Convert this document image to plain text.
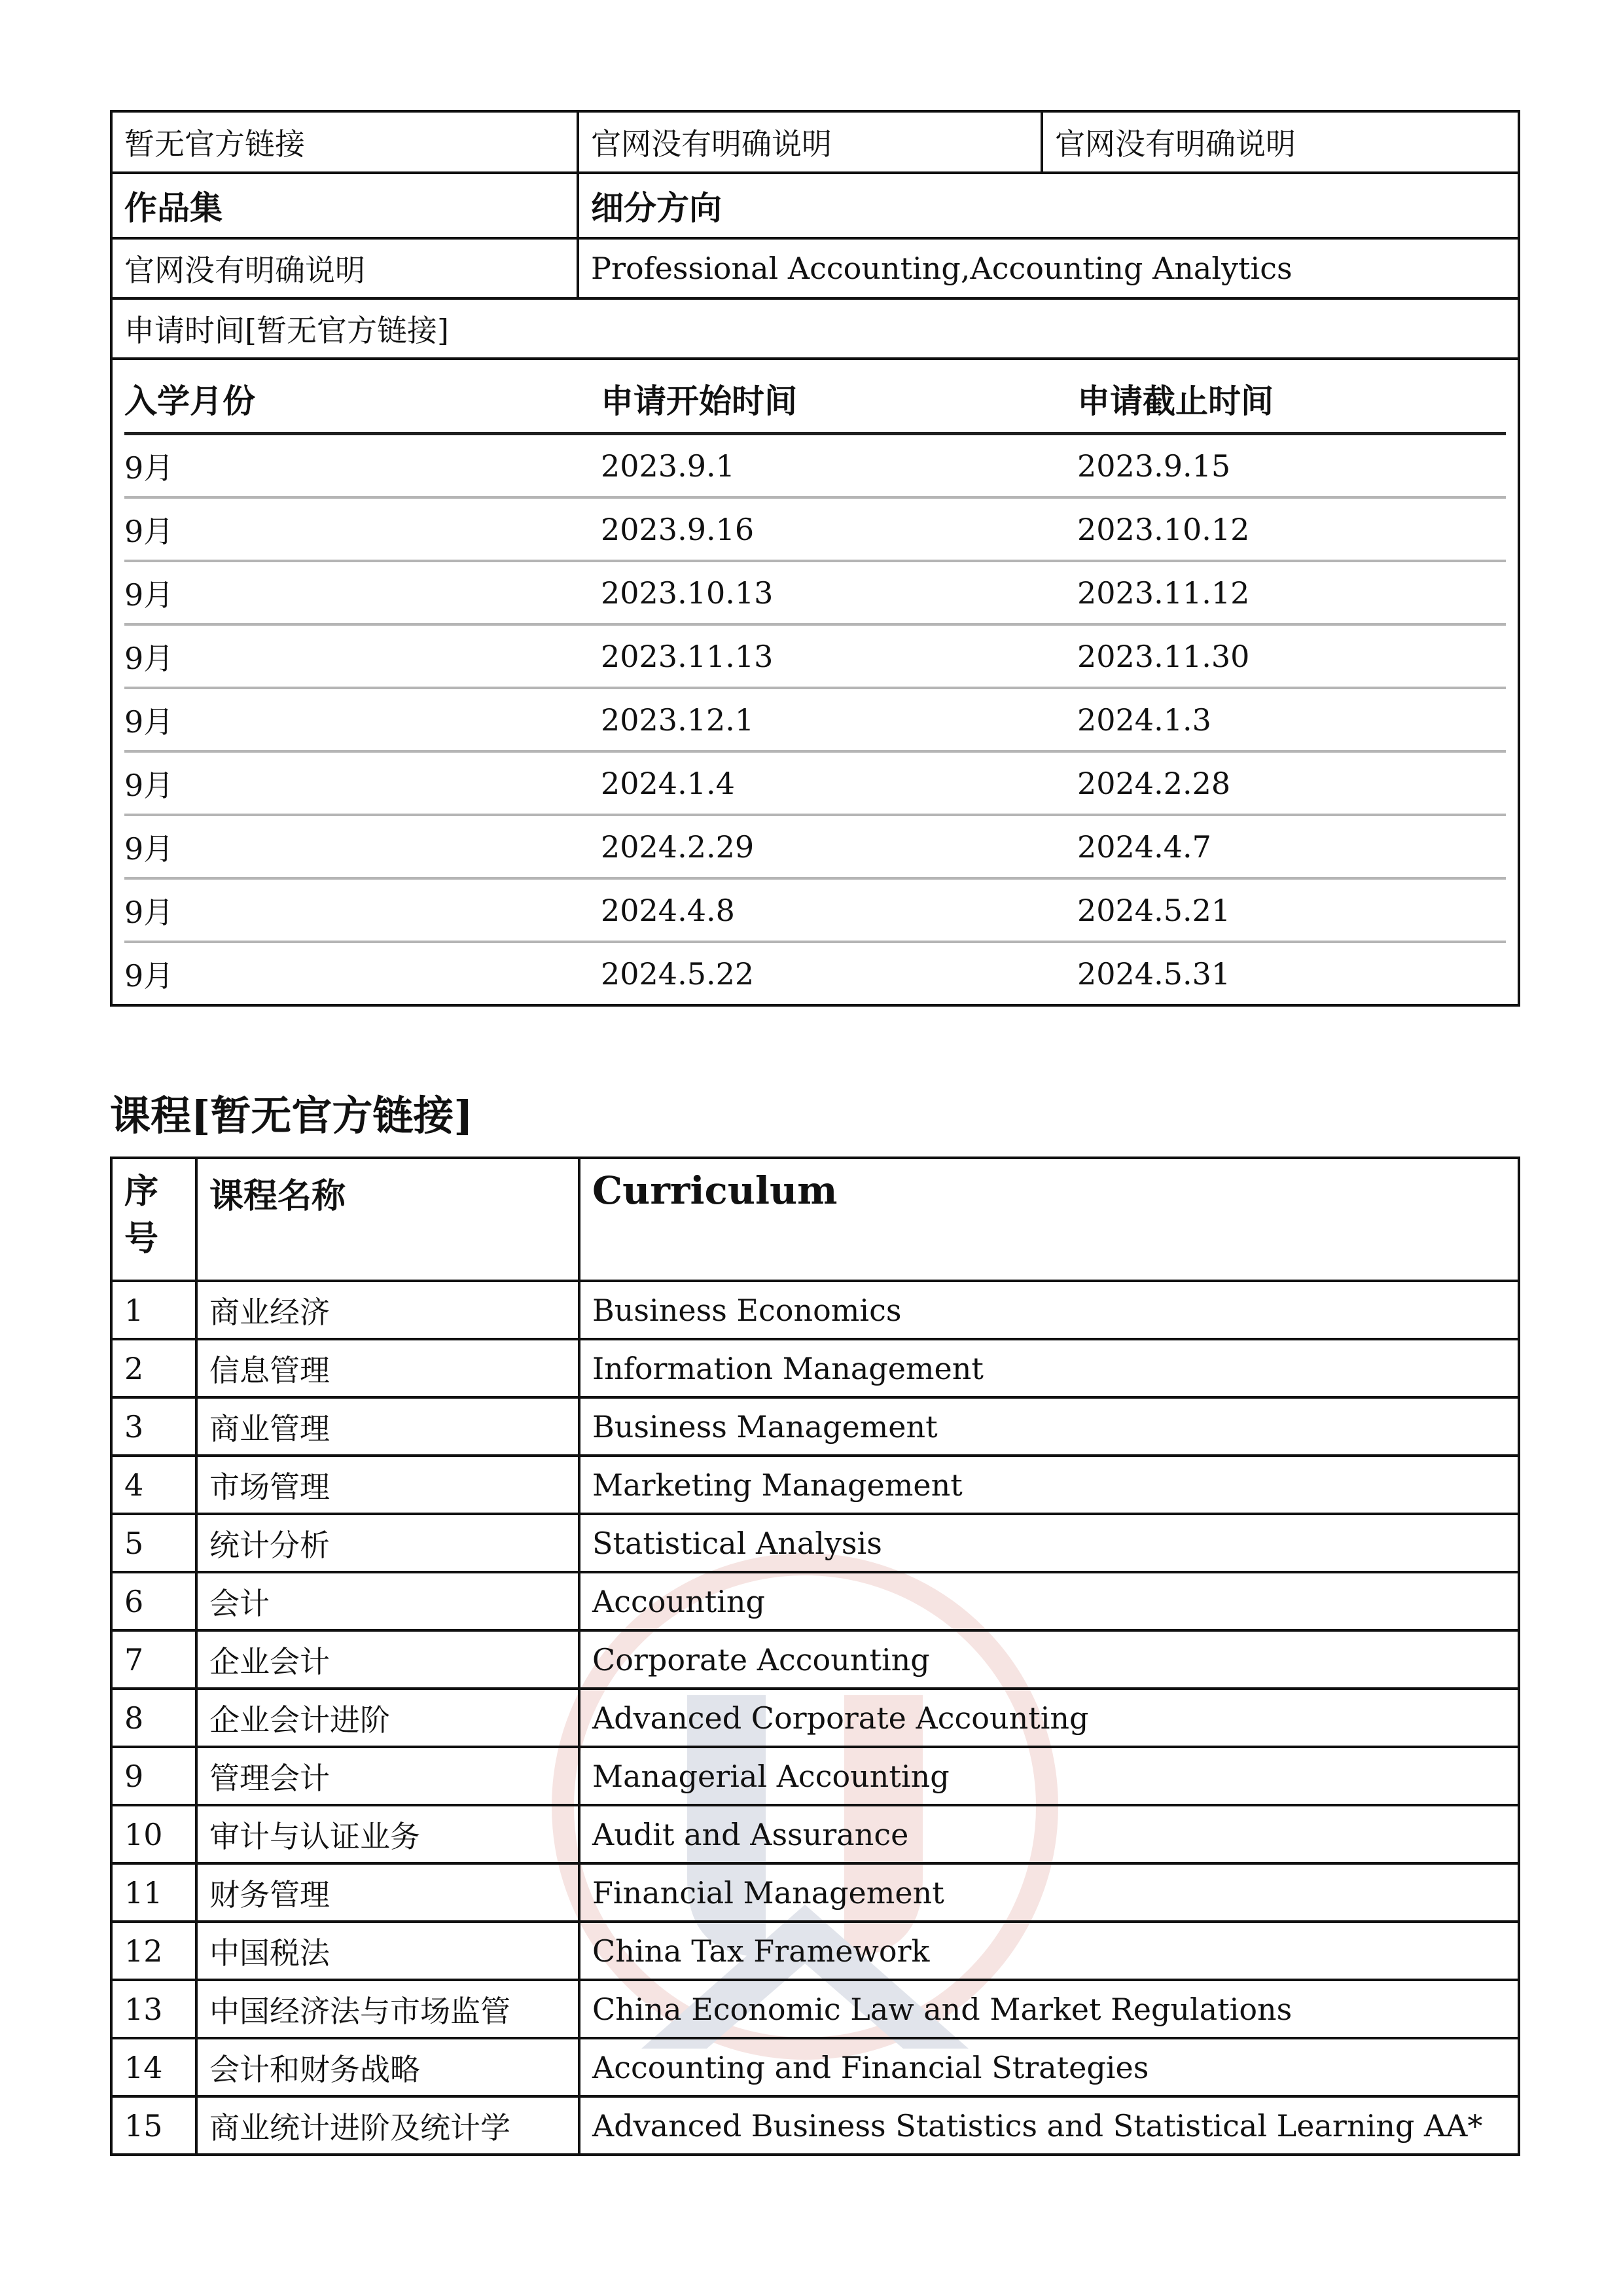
暂无官方链接	官网没有明确说明	官网没有明确说明
作品集	细分方向
官网没有明确说明	Professional Accounting,Accounting Analytics
申请时间[暂无官方链接]
入学月份	申请开始时间	申请截止时间
9月	2023.9.1	2023.9.15
9月	2023.9.16	2023.10.12
9月	2023.10.13	2023.11.12
9月	2023.11.13	2023.11.30
9月	2023.12.1	2024.1.3
9月	2024.1.4	2024.2.28
9月	2024.2.29	2024.4.7
9月	2024.4.8	2024.5.21
9月	2024.5.22	2024.5.31
课程[暂无官方链接]
序号	课程名称	Curriculum
1	商业经济	Business Economics
2	信息管理	Information Management
3	商业管理	Business Management
4	市场管理	Marketing Management
5	统计分析	Statistical Analysis
6	会计	Accounting
7	企业会计	Corporate Accounting
8	企业会计进阶	Advanced Corporate Accounting
9	管理会计	Managerial Accounting
10	审计与认证业务	Audit and Assurance
11	财务管理	Financial Management
12	中国税法	China Tax Framework
13	中国经济法与市场监管	China Economic Law and Market Regulations
14	会计和财务战略	Accounting and Financial Strategies
15	商业统计进阶及统计学	Advanced Business Statistics and Statistical Learning AA*
